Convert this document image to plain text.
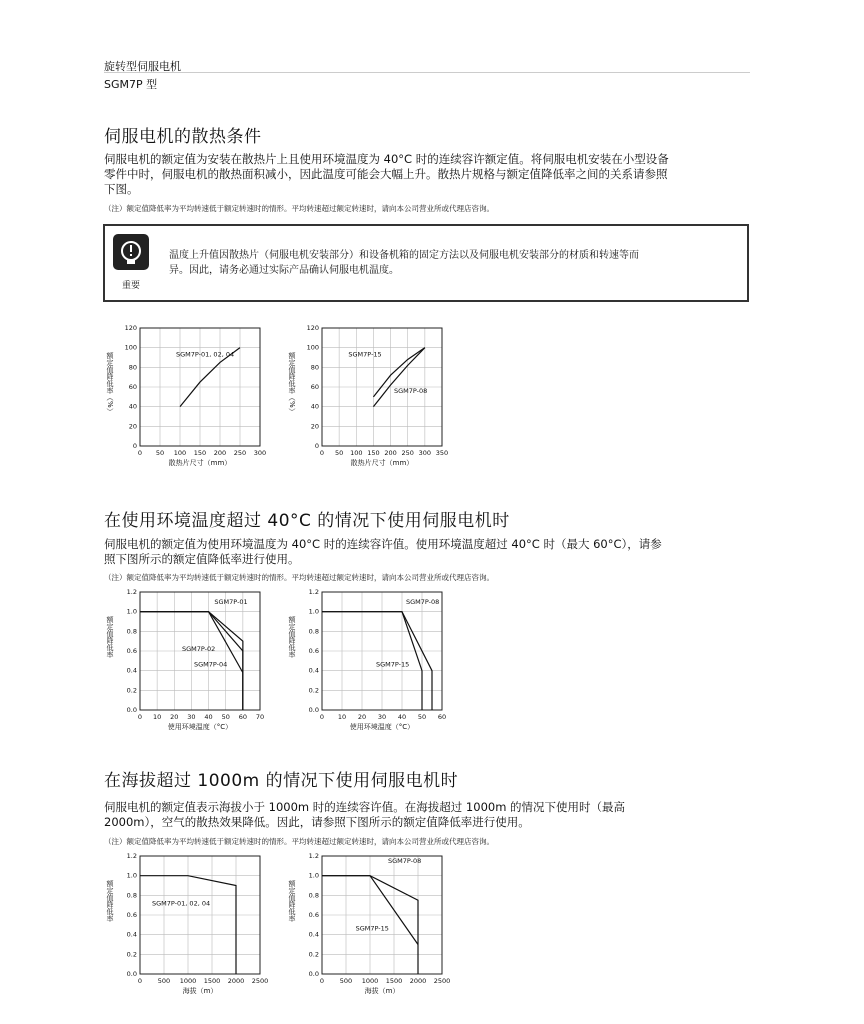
旋转型伺服电机
SGM7P 型
伺服电机的散热条件
伺服电机的额定值为安装在散热片上且使用环境温度为 40°C 时的连续容许额定值。将伺服电机安装在小型设备
零件中时，伺服电机的散热面积减小，因此温度可能会大幅上升。散热片规格与额定值降低率之间的关系请参照
下图。
（注）额定值降低率为平均转速低于额定转速时的情形。平均转速超过额定转速时，请向本公司营业所或代理店咨询。
重要
温度上升值因散热片（伺服电机安装部分）和设备机箱的固定方法以及伺服电机安装部分的材质和转速等而
异。因此，请务必通过实际产品确认伺服电机温度。
0 50 100 150 200 250 300
0
20
40
60
80
100
120
散热片尺寸（mm）
额定值降低率（%）	SGM7P-01, 02, 04
0 50 100 150 200 250 300 350
0
20
40
60
80
100
120
散热片尺寸（mm）
额定值降低率（%）	SGM7P-15
SGM7P-08
在使用环境温度超过 40°C 的情况下使用伺服电机时
伺服电机的额定值为使用环境温度为 40°C 时的连续容许值。使用环境温度超过 40°C 时（最大 60°C），请参
照下图所示的额定值降低率进行使用。
（注）额定值降低率为平均转速低于额定转速时的情形。平均转速超过额定转速时，请向本公司营业所或代理店咨询。
0 10 20 30 40 50 60 70
0.0
0.2
0.4
0.6
0.8
1.0
1.2
使用环境温度（°C）
额定值降低率
SGM7P-01
SGM7P-02
SGM7P-04
0 10 20 30 40 50 60
0.0
0.2
0.4
0.6
0.8
1.0
1.2
使用环境温度（°C）
额定值降低率
SGM7P-08
SGM7P-15
在海拔超过 1000m 的情况下使用伺服电机时
伺服电机的额定值表示海拔小于 1000m 时的连续容许值。在海拔超过 1000m 的情况下使用时（最高
2000m），空气的散热效果降低。因此，请参照下图所示的额定值降低率进行使用。
（注）额定值降低率为平均转速低于额定转速时的情形。平均转速超过额定转速时，请向本公司营业所或代理店咨询。
0 500 1000 1500 2000 2500
0.0
0.2
0.4
0.6
0.8
1.0
1.2
海拔（m）
额定值降低率	SGM7P-01, 02, 04
0 500 1000 1500 2000 2500
0.0
0.2
0.4
0.6
0.8
1.0
1.2
海拔（m）
额定值降低率
SGM7P-08
SGM7P-15
